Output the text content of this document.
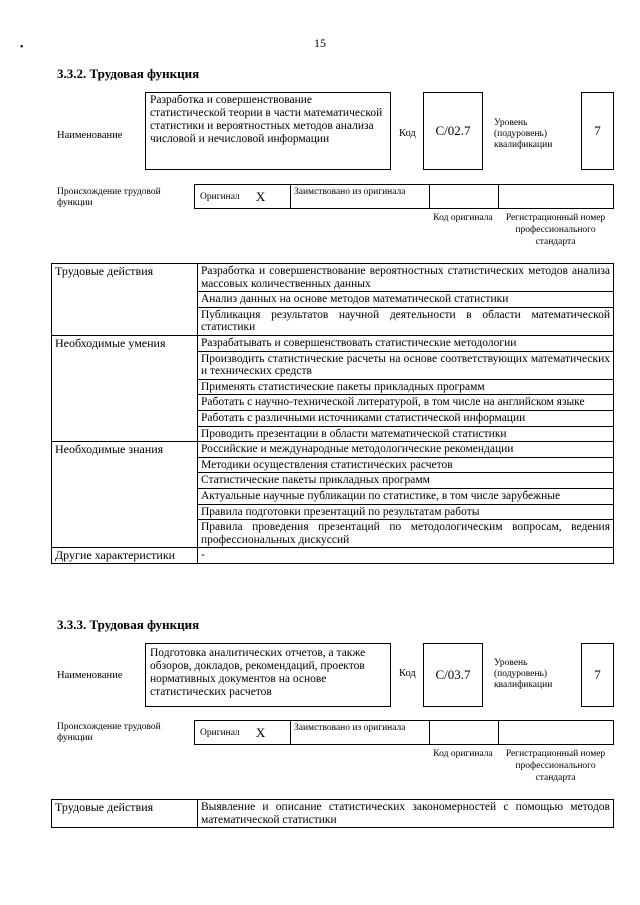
•	15
3.3.2. Трудовая функция
Наименование
Разработка и совершенствование статистической теории в части математической статистики и вероятностных методов анализа числовой и нечисловой информации	Код	C/02.7	Уровень (подуровень) квалификации
7
Происхождение трудовой функции
Оригинал X	Заимствовано из оригинала
Код оригинала	Регистрационный номер профессионального стандарта
Трудовые действия	Разработка и совершенствование вероятностных статистических методов анализа массовых количественных данных
	Анализ данных на основе методов математической статистики
	Публикация результатов научной деятельности в области математической статистики
Необходимые умения	Разрабатывать и совершенствовать статистические методологии
	Производить статистические расчеты на основе соответствующих математических и технических средств
	Применять статистические пакеты прикладных программ
	Работать с научно-технической литературой, в том числе на английском языке
	Работать с различными источниками статистической информации
	Проводить презентации в области математической статистики
Необходимые знания	Российские и международные методологические рекомендации
	Методики осуществления статистических расчетов
	Статистические пакеты прикладных программ
	Актуальные научные публикации по статистике, в том числе зарубежные
	Правила подготовки презентаций по результатам работы
	Правила проведения презентаций по методологическим вопросам, ведения профессиональных дискуссий
Другие характеристики	-
3.3.3. Трудовая функция
Наименование
Подготовка аналитических отчетов, а также обзоров, докладов, рекомендаций, проектов нормативных документов на основе статистических расчетов
Код	C/03.7
Уровень (подуровень) квалификации
7
Происхождение трудовой функции
Оригинал X	Заимствовано из оригинала
Код оригинала	Регистрационный номер профессионального стандарта
Трудовые действия	Выявление и описание статистических закономерностей с помощью методов математической статистики
